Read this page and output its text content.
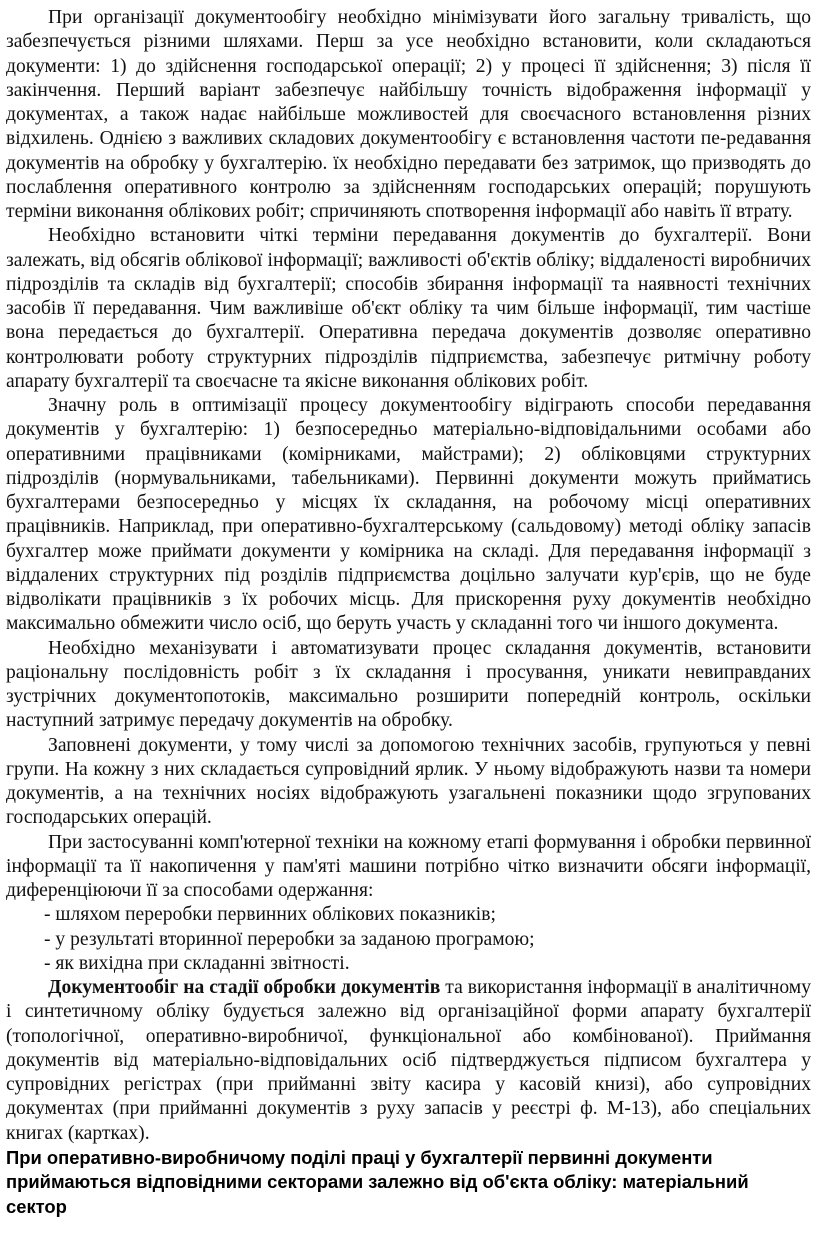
При організації документообігу необхідно мінімізувати його загальну тривалість, що забезпечується різними шляхами. Перш за усе необхідно встановити, коли складаються документи: 1) до здійснення господарської операції; 2) у процесі її здійснення; 3) після її закінчення. Перший варіант забезпечує найбільшу точність відображення інформації у документах, а також надає найбільше можливостей для своєчасного встановлення різних відхилень. Однією з важливих складових документообігу є встановлення частоти пе-редавання документів на обробку у бухгалтерію. їх необхідно передавати без затримок, що призводять до послаблення оперативного контролю за здійсненням господарських операцій; порушують терміни виконання облікових робіт; спричиняють спотворення інформації або навіть її втрату.

Необхідно встановити чіткі терміни передавання документів до бухгалтерії. Вони залежать, від обсягів облікової інформації; важливості об'єктів обліку; віддаленості виробничих підрозділів та складів від бухгалтерії; способів збирання інформації та наявності технічних засобів її передавання. Чим важливіше об'єкт обліку та чим більше інформації, тим частіше вона передається до бухгалтерії. Оперативна передача документів дозволяє оперативно контролювати роботу структурних підрозділів підприємства, забезпечує ритмічну роботу апарату бухгалтерії та своєчасне та якісне виконання облікових робіт.

Значну роль в оптимізації процесу документообігу відіграють способи передавання документів у бухгалтерію: 1) безпосередньо матеріально-відповідальними особами або оперативними працівниками (комірниками, майстрами); 2) обліковцями структурних підрозділів (нормувальниками, табельниками). Первинні документи можуть прийматись бухгалтерами безпосередньо у місцях їх складання, на робочому місці оперативних працівників. Наприклад, при оперативно-бухгалтерському (сальдовому) методі обліку запасів бухгалтер може приймати документи у комірника на складі. Для передавання інформації з віддалених структурних під розділів підприємства доцільно залучати кур'єрів, що не буде відволікати працівників з їх робочих місць. Для прискорення руху документів необхідно максимально обмежити число осіб, що беруть участь у складанні того чи іншого документа.

Необхідно механізувати і автоматизувати процес складання документів, встановити раціональну послідовність робіт з їх складання і просування, уникати невиправданих зустрічних документопотоків, максимально розширити попередній контроль, оскільки наступний затримує передачу документів на обробку.

Заповнені документи, у тому числі за допомогою технічних засобів, групуються у певні групи. На кожну з них складається супровідний ярлик. У ньому відображують назви та номери документів, а на технічних носіях відображують узагальнені показники щодо згрупованих господарських операцій.

При застосуванні комп'ютерної техніки на кожному етапі формування і обробки первинної інформації та її накопичення у пам'яті машини потрібно чітко визначити обсяги інформації, диференціюючи її за способами одержання:

- шляхом переробки первинних облікових показників;
- у результаті вторинної переробки за заданою програмою;
- як вихідна при складанні звітності.

Документообіг на стадії обробки документів та використання інформації в аналітичному і синтетичному обліку будується залежно від організаційної форми апарату бухгалтерії (топологічної, оперативно-виробничої, функціональної або комбінованої). Приймання документів від матеріально-відповідальних осіб підтверджується підписом бухгалтера у супровідних регістрах (при прийманні звіту касира у касовій книзі), або супровідних документах (при прийманні документів з руху запасів у реєстрі ф. М-13), або спеціальних книгах (картках).

При оперативно-виробничому поділі праці у бухгалтерії первинні документи приймаються відповідними секторами залежно від об'єкта обліку: матеріальний сектор
